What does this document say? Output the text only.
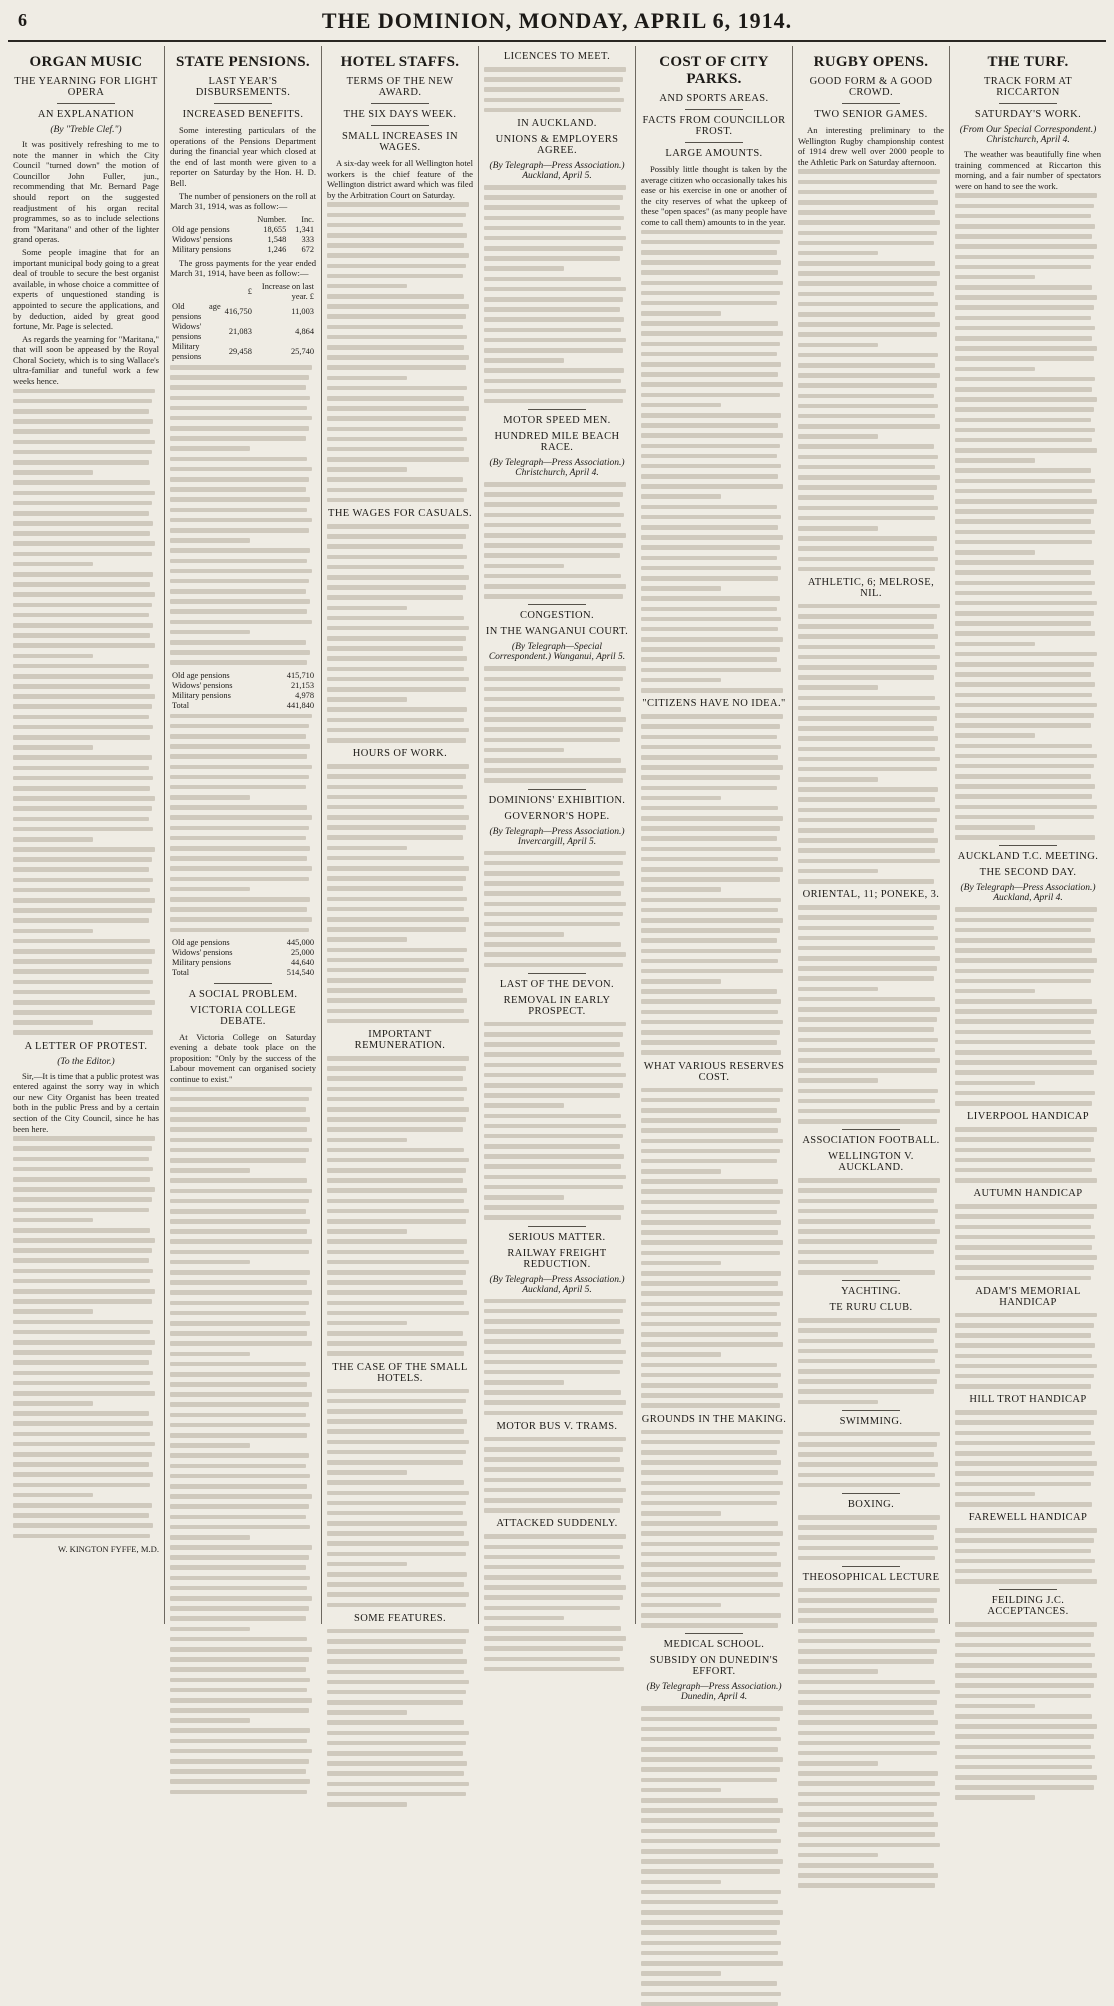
6	THE DOMINION, MONDAY, APRIL 6, 1914.
ORGAN MUSIC
THE YEARNING FOR LIGHT OPERA
AN EXPLANATION
(By "Treble Clef.")
It was positively refreshing to me to note the manner in which the City Council "turned down" the motion of Councillor John Fuller, jun., recommending that Mr. Bernard Page should report on the suggested readjustment of his organ recital programmes, so as to include selections from "Maritana" and other of the lighter grand operas.
Some people imagine that for an important municipal body going to a great deal of trouble to secure the best organist available, in whose choice a committee of experts of unquestioned standing is appointed to secure the applications, and by deduction, aided by great good fortune, Mr. Page is selected.
As regards the yearning for "Maritana," that will soon be appeased by the Royal Choral Society, which is to sing Wallace's ultra-familiar and tuneful work a few weeks hence.
A LETTER OF PROTEST.
(To the Editor.)
Sir,—It is time that a public protest was entered against the sorry way in which our new City Organist has been treated both in the public Press and by a certain section of the City Council, since he has been here.
W. KINGTON FYFFE, M.D.
STATE PENSIONS.
LAST YEAR'S DISBURSEMENTS.
INCREASED BENEFITS.
Some interesting particulars of the operations of the Pensions Department during the financial year which closed at the end of last month were given to a reporter on Saturday by the Hon. H. D. Bell.
The number of pensioners on the roll at March 31, 1914, was as follow:—
	Number.	Inc.
Old age pensions	18,655	1,341
Widows' pensions	1,548	333
Military pensions	1,246	672
The gross payments for the year ended March 31, 1914, have been as follow:—
	£	Increase on last year. £
Old age pensions	416,750	11,003
Widows' pensions	21,083	4,864
Military pensions	29,458	25,740
Old age pensions	415,710
Widows' pensions	21,153
Military pensions	4,978
Total	441,840
Old age pensions	445,000
Widows' pensions	25,000
Military pensions	44,640
Total	514,540
A SOCIAL PROBLEM.
VICTORIA COLLEGE DEBATE.
At Victoria College on Saturday evening a debate took place on the proposition: "Only by the success of the Labour movement can organised society continue to exist."
HOTEL STAFFS.
TERMS OF THE NEW AWARD.
THE SIX DAYS WEEK.
SMALL INCREASES IN WAGES.
A six-day week for all Wellington hotel workers is the chief feature of the Wellington district award which was filed by the Arbitration Court on Saturday.
THE WAGES FOR CASUALS.
HOURS OF WORK.
IMPORTANT REMUNERATION.
THE CASE OF THE SMALL HOTELS.
SOME FEATURES.
LICENCES TO MEET.
IN AUCKLAND.
UNIONS & EMPLOYERS AGREE.
(By Telegraph—Press Association.) Auckland, April 5.
MOTOR SPEED MEN.
HUNDRED MILE BEACH RACE.
(By Telegraph—Press Association.) Christchurch, April 4.
CONGESTION.
IN THE WANGANUI COURT.
(By Telegraph—Special Correspondent.) Wanganui, April 5.
DOMINIONS' EXHIBITION.
GOVERNOR'S HOPE.
(By Telegraph—Press Association.) Invercargill, April 5.
LAST OF THE DEVON.
REMOVAL IN EARLY PROSPECT.
SERIOUS MATTER.
RAILWAY FREIGHT REDUCTION.
(By Telegraph—Press Association.) Auckland, April 5.
MOTOR BUS V. TRAMS.
ATTACKED SUDDENLY.
COST OF CITY PARKS.
AND SPORTS AREAS.
FACTS FROM COUNCILLOR FROST.
LARGE AMOUNTS.
Possibly little thought is taken by the average citizen who occasionally takes his ease or his exercise in one or another of the city reserves of what the upkeep of these "open spaces" (as many people have come to call them) amounts to in the year.
"CITIZENS HAVE NO IDEA."
WHAT VARIOUS RESERVES COST.
GROUNDS IN THE MAKING.
MEDICAL SCHOOL.
SUBSIDY ON DUNEDIN'S EFFORT.
(By Telegraph—Press Association.) Dunedin, April 4.
RUGBY OPENS.
GOOD FORM & A GOOD CROWD.
TWO SENIOR GAMES.
An interesting preliminary to the Wellington Rugby championship contest of 1914 drew well over 2000 people to the Athletic Park on Saturday afternoon.
ATHLETIC, 6; MELROSE, NIL.
ORIENTAL, 11; PONEKE, 3.
ASSOCIATION FOOTBALL.
WELLINGTON V. AUCKLAND.
YACHTING.
TE RURU CLUB.
SWIMMING.
BOXING.
THEOSOPHICAL LECTURE
THE TURF.
TRACK FORM AT RICCARTON
SATURDAY'S WORK.
(From Our Special Correspondent.) Christchurch, April 4.
The weather was beautifully fine when training commenced at Riccarton this morning, and a fair number of spectators were on hand to see the work.
AUCKLAND T.C. MEETING.
THE SECOND DAY.
(By Telegraph—Press Association.) Auckland, April 4.
LIVERPOOL HANDICAP
AUTUMN HANDICAP
ADAM'S MEMORIAL HANDICAP
HILL TROT HANDICAP
FAREWELL HANDICAP
FEILDING J.C. ACCEPTANCES.
